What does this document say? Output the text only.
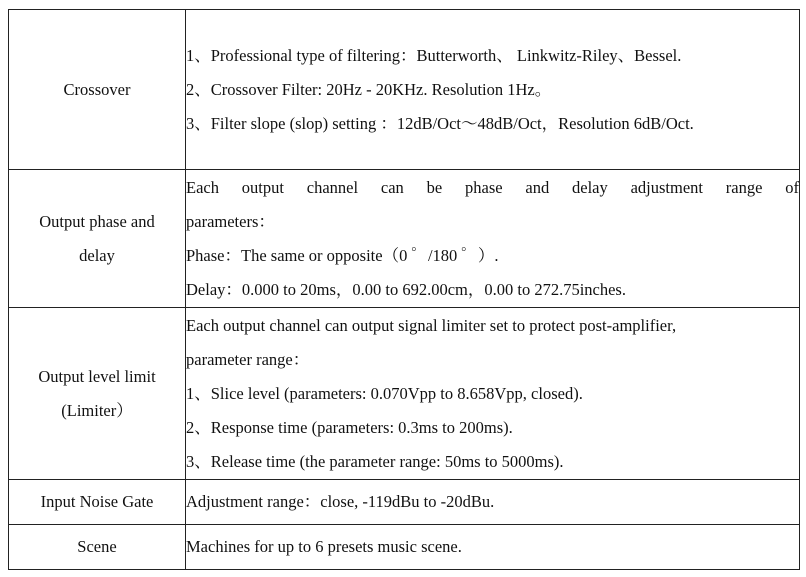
Crossover	1、Professional type of filtering：Butterworth、 Linkwitz-Riley、Bessel.
2、Crossover Filter: 20Hz - 20KHz. Resolution 1Hz。
3、Filter slope (slop) setting ：12dB/Oct～48dB/Oct，Resolution 6dB/Oct.

Output phase and
delay	Each output channel can be phase and delay adjustment range of
parameters：
Phase：The same or opposite（0 ゜/180 ゜）.
Delay：0.000 to 20ms，0.00 to 692.00cm，0.00 to 272.75inches.

Output level limit
(Limiter）	Each output channel can output signal limiter set to protect post-amplifier,
parameter range：
1、Slice level (parameters: 0.070Vpp to 8.658Vpp, closed).
2、Response time (parameters: 0.3ms to 200ms).
3、Release time (the parameter range: 50ms to 5000ms).

Input Noise Gate	Adjustment range：close, -119dBu to -20dBu.

Scene	Machines for up to 6 presets music scene.
